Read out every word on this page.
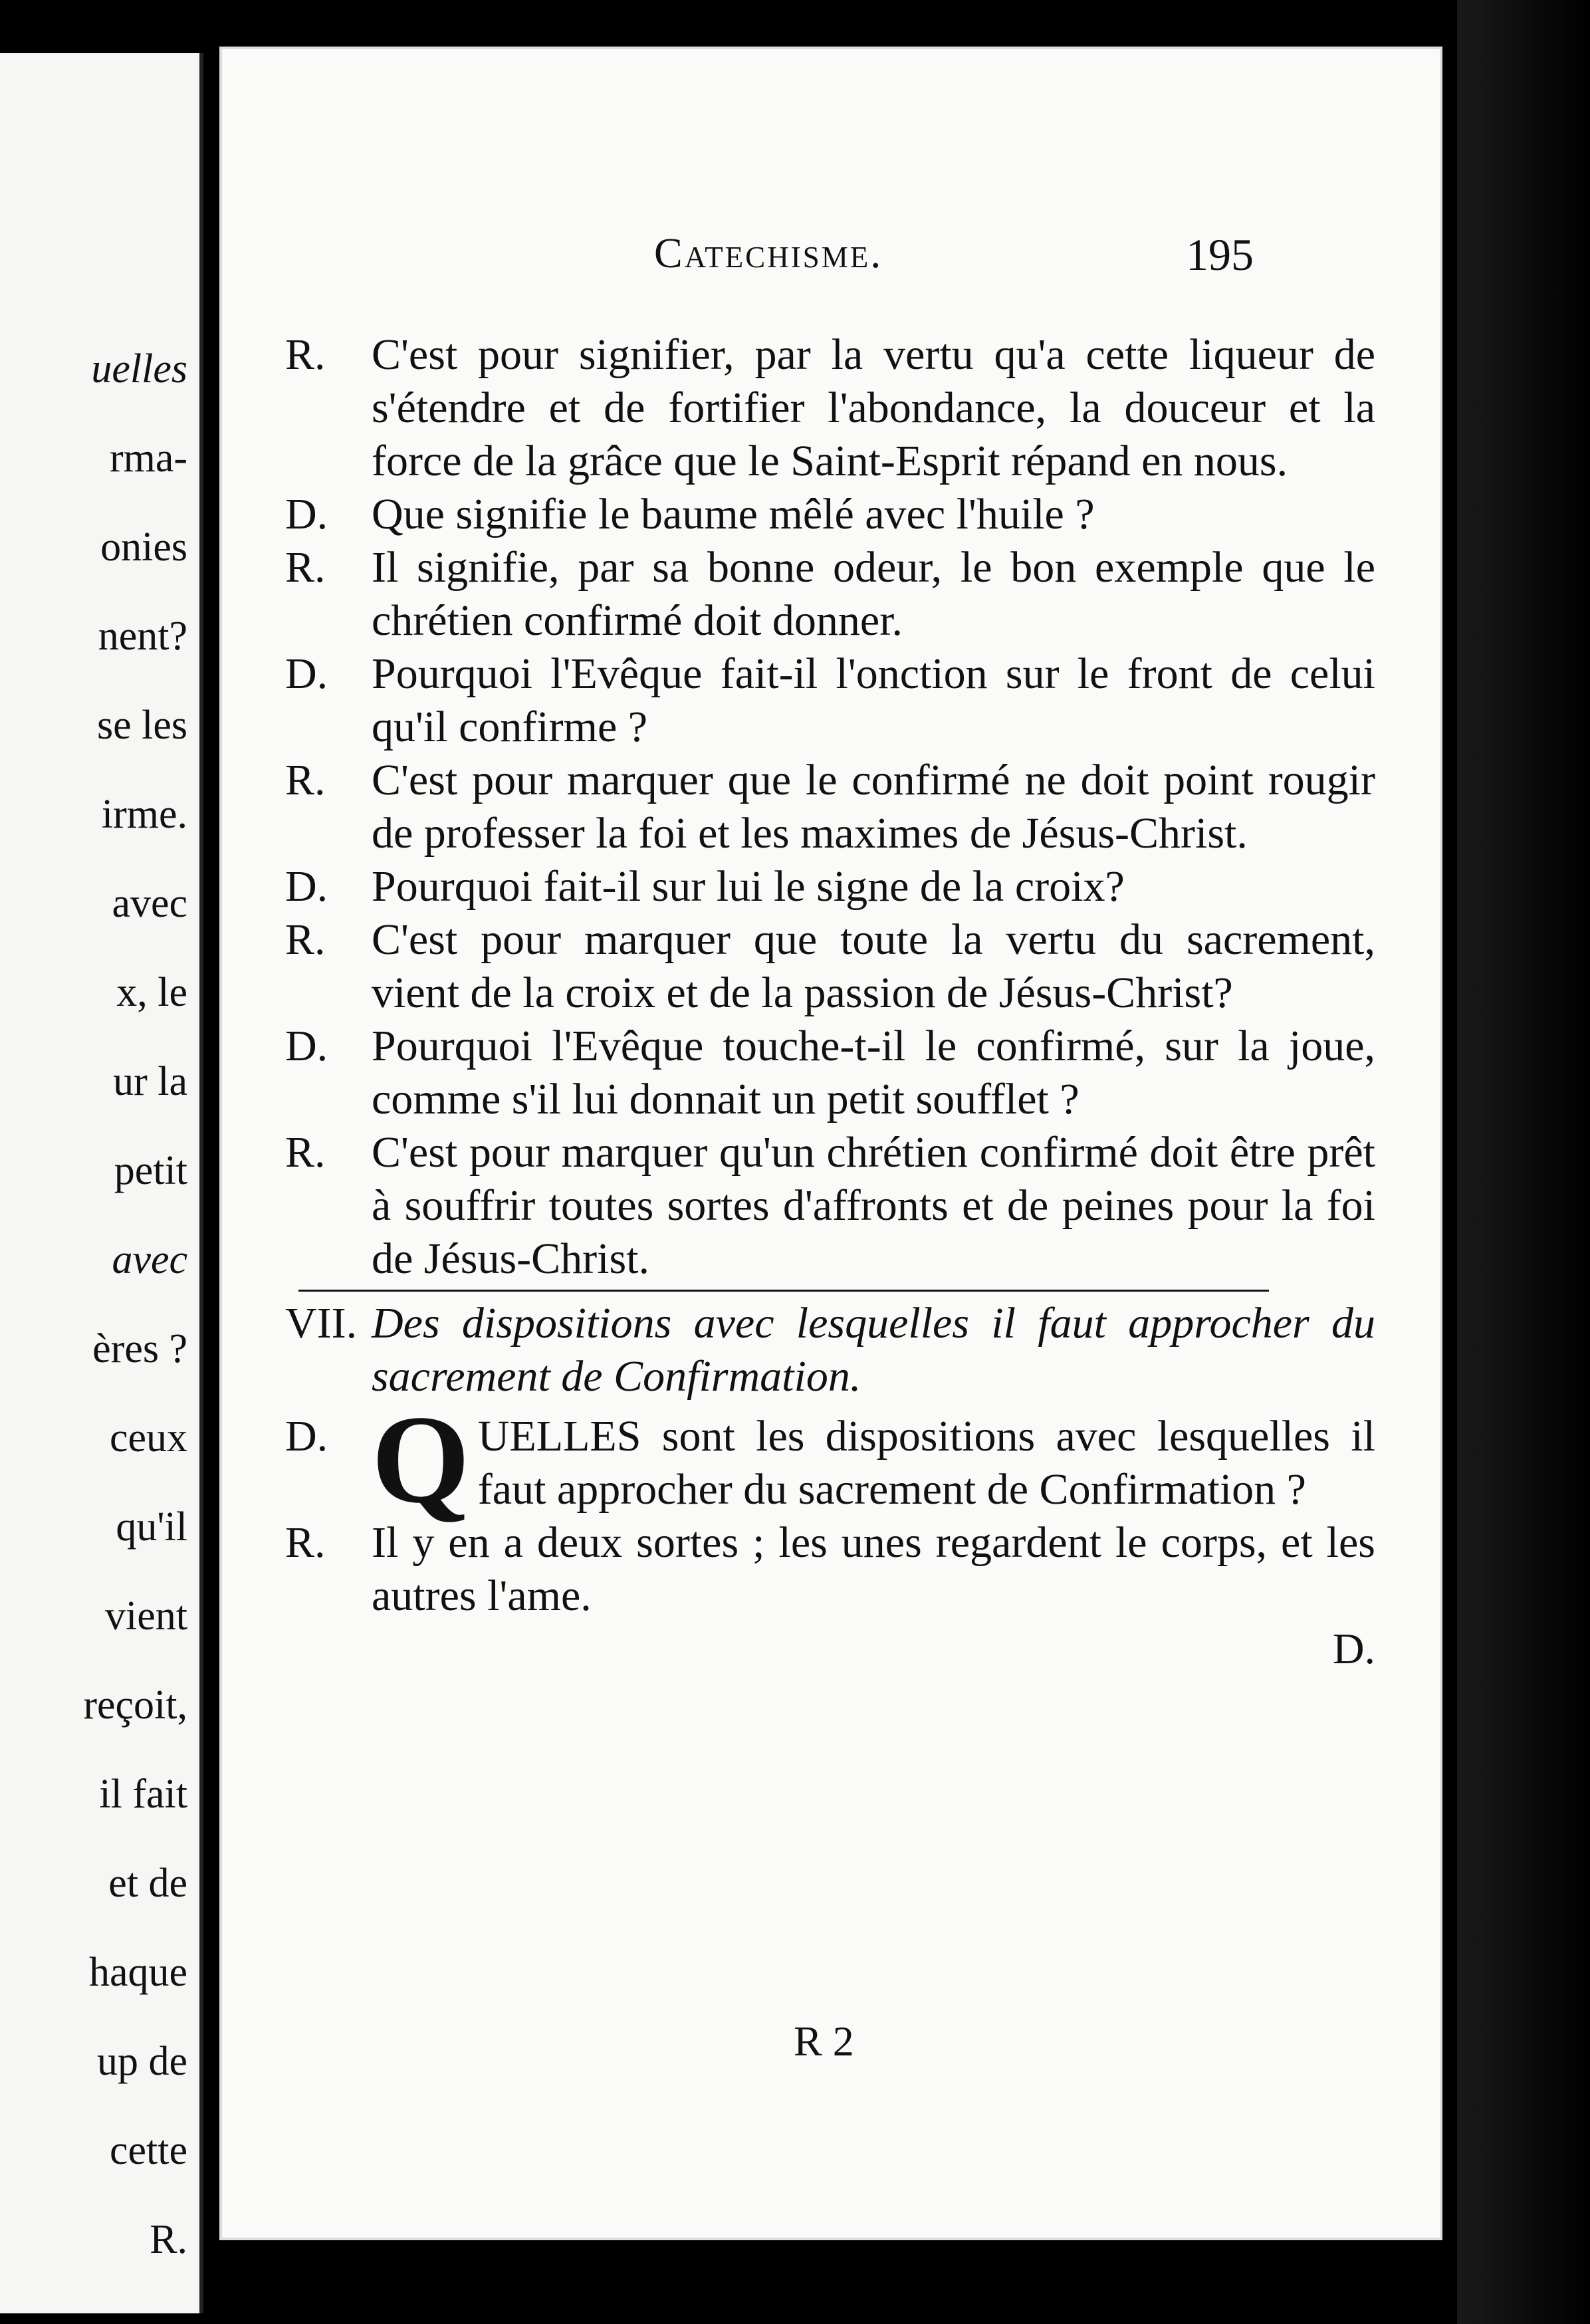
uelles
rma-
onies
nent?
se les
irme.
avec
x, le
ur la
petit
avec
ères ?
ceux
qu'il
vient
reçoit,
il fait
et de
haque
up de
cette
R.
Catechisme.	195

R. C'est pour signifier, par la vertu qu'a cette liqueur de s'étendre et de fortifier l'abondance, la douceur et la force de la grâce que le Saint-Esprit répand en nous.

D. Que signifie le baume mêlé avec l'huile ?

R. Il signifie, par sa bonne odeur, le bon exemple que le chrétien confirmé doit donner.

D. Pourquoi l'Evêque fait-il l'onction sur le front de celui qu'il confirme ?

R. C'est pour marquer que le confirmé ne doit point rougir de professer la foi et les maximes de Jésus-Christ.

D. Pourquoi fait-il sur lui le signe de la croix?

R. C'est pour marquer que toute la vertu du sacrement, vient de la croix et de la passion de Jésus-Christ?

D. Pourquoi l'Evêque touche-t-il le confirmé, sur la joue, comme s'il lui donnait un petit soufflet ?

R. C'est pour marquer qu'un chrétien confirmé doit être prêt à souffrir toutes sortes d'affronts et de peines pour la foi de Jésus-Christ.

VII. Des dispositions avec lesquelles il faut approcher du sacrement de Confirmation.
D. Q UELLES sont les dispositions avec lesquelles il faut approcher du sacrement de Confirmation ?
R. Il y en a deux sortes ; les unes regardent le corps, et les autres l'ame.
D.
R 2
